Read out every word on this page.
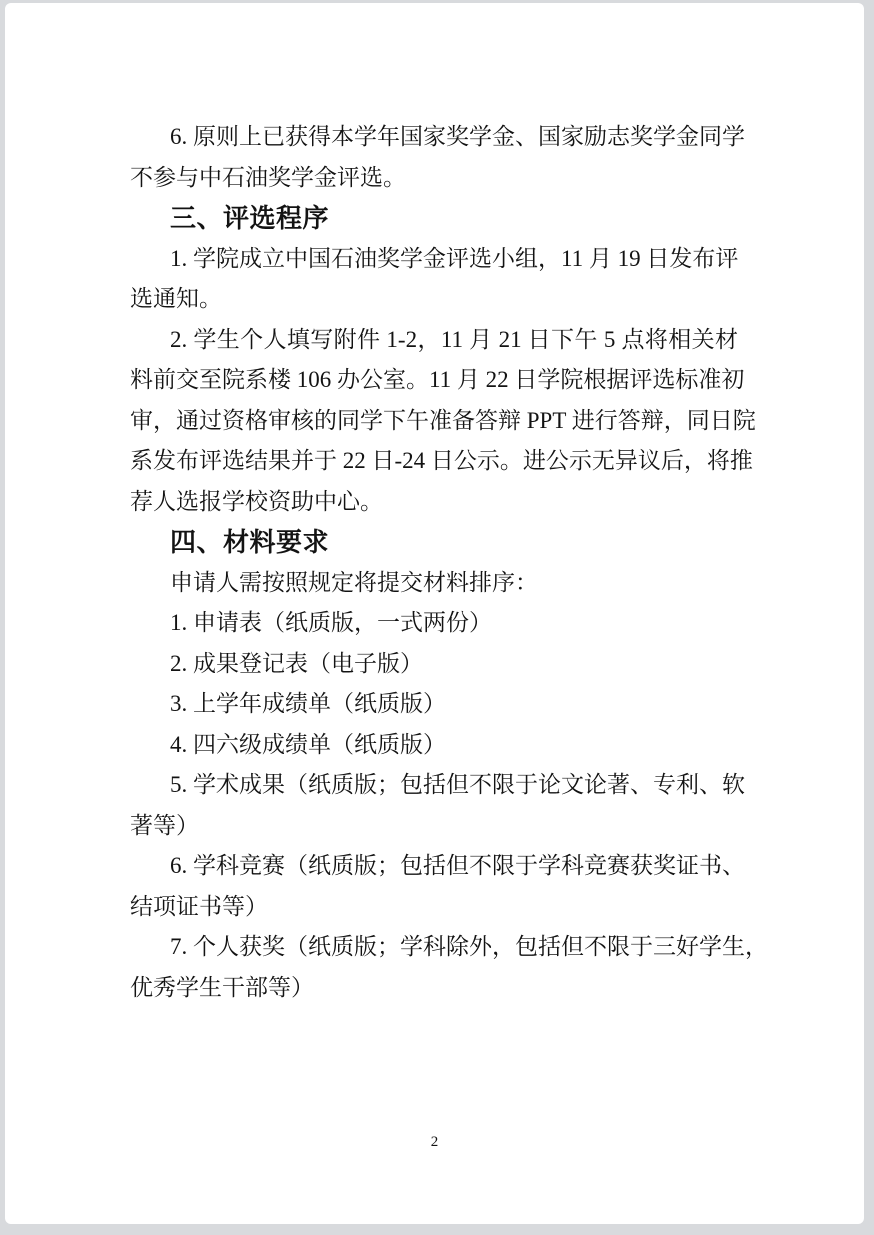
6. 原则上已获得本学年国家奖学金、国家励志奖学金同学
不参与中石油奖学金评选。
三、评选程序
1. 学院成立中国石油奖学金评选小组，11 月 19 日发布评
选通知。
2. 学生个人填写附件 1-2，11 月 21 日下午 5 点将相关材
料前交至院系楼 106 办公室。11 月 22 日学院根据评选标准初
审，通过资格审核的同学下午准备答辩 PPT 进行答辩，同日院
系发布评选结果并于 22 日-24 日公示。进公示无异议后，将推
荐人选报学校资助中心。
四、材料要求
申请人需按照规定将提交材料排序：
1. 申请表（纸质版，一式两份）
2. 成果登记表（电子版）
3. 上学年成绩单（纸质版）
4. 四六级成绩单（纸质版）
5. 学术成果（纸质版；包括但不限于论文论著、专利、软
著等）
6. 学科竞赛（纸质版；包括但不限于学科竞赛获奖证书、
结项证书等）
7. 个人获奖（纸质版；学科除外，包括但不限于三好学生，
优秀学生干部等）
2
